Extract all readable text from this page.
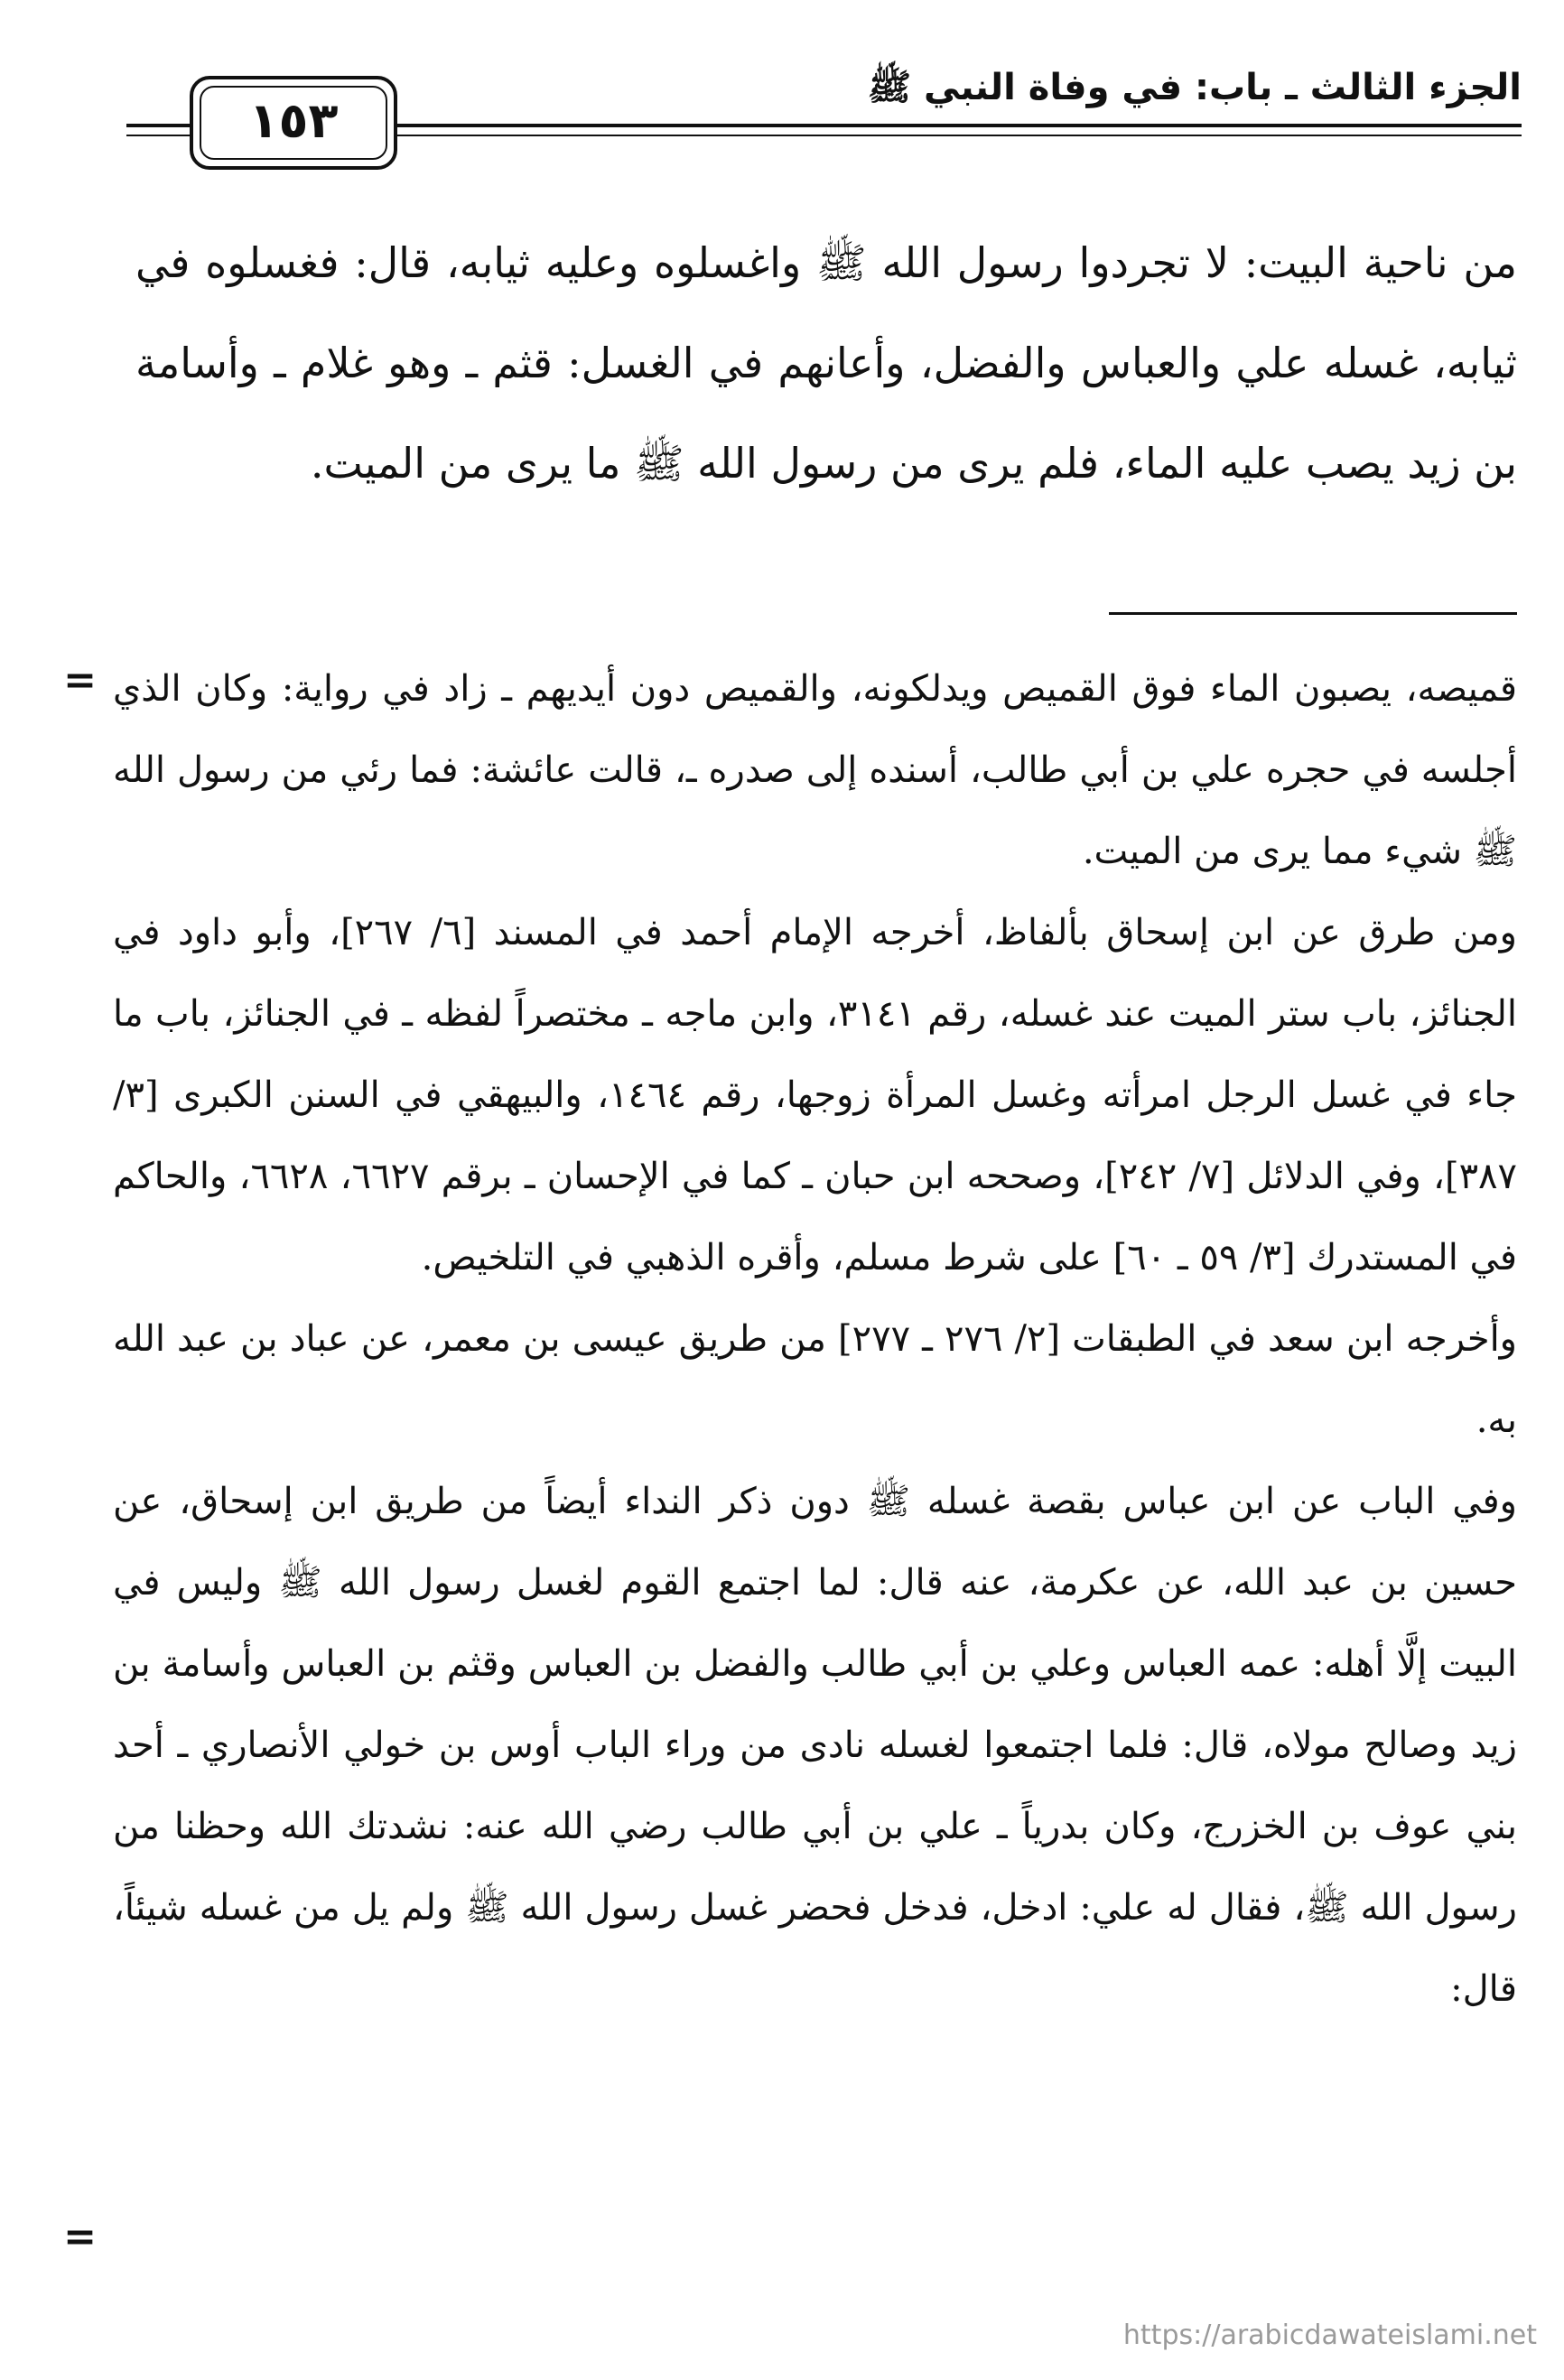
الجزء الثالث ـ باب: في وفاة النبي ﷺ
١٥٣

من ناحية البيت: لا تجردوا رسول الله ﷺ واغسلوه وعليه ثيابه، قال: فغسلوه في ثيابه، غسله علي والعباس والفضل، وأعانهم في الغسل: قثم ـ وهو غلام ـ وأسامة بن زيد يصب عليه الماء، فلم يرى من رسول الله ﷺ ما يرى من الميت.

= قميصه، يصبون الماء فوق القميص ويدلكونه، والقميص دون أيديهم ـ زاد في رواية: وكان الذي أجلسه في حجره علي بن أبي طالب، أسنده إلى صدره ـ، قالت عائشة: فما رئي من رسول الله ﷺ شيء مما يرى من الميت.

ومن طرق عن ابن إسحاق بألفاظ، أخرجه الإمام أحمد في المسند [٦/ ٢٦٧]، وأبو داود في الجنائز، باب ستر الميت عند غسله، رقم ٣١٤١، وابن ماجه ـ مختصراً لفظه ـ في الجنائز، باب ما جاء في غسل الرجل امرأته وغسل المرأة زوجها، رقم ١٤٦٤، والبيهقي في السنن الكبرى [٣/ ٣٨٧]، وفي الدلائل [٧/ ٢٤٢]، وصححه ابن حبان ـ كما في الإحسان ـ برقم ٦٦٢٧، ٦٦٢٨، والحاكم في المستدرك [٣/ ٥٩ ـ ٦٠] على شرط مسلم، وأقره الذهبي في التلخيص.

وأخرجه ابن سعد في الطبقات [٢/ ٢٧٦ ـ ٢٧٧] من طريق عيسى بن معمر، عن عباد بن عبد الله به.

وفي الباب عن ابن عباس بقصة غسله ﷺ دون ذكر النداء أيضاً من طريق ابن إسحاق، عن حسين بن عبد الله، عن عكرمة، عنه قال: لما اجتمع القوم لغسل رسول الله ﷺ وليس في البيت إلَّا أهله: عمه العباس وعلي بن أبي طالب والفضل بن العباس وقثم بن العباس وأسامة بن زيد وصالح مولاه، قال: فلما اجتمعوا لغسله نادى من وراء الباب أوس بن خولي الأنصاري ـ أحد بني عوف بن الخزرج، وكان بدرياً ـ علي بن أبي طالب رضي الله عنه: نشدتك الله وحظنا من رسول الله ﷺ، فقال له علي: ادخل، فدخل فحضر غسل رسول الله ﷺ ولم يل من غسله شيئاً، قال:

=
https://arabicdawateislami.net
